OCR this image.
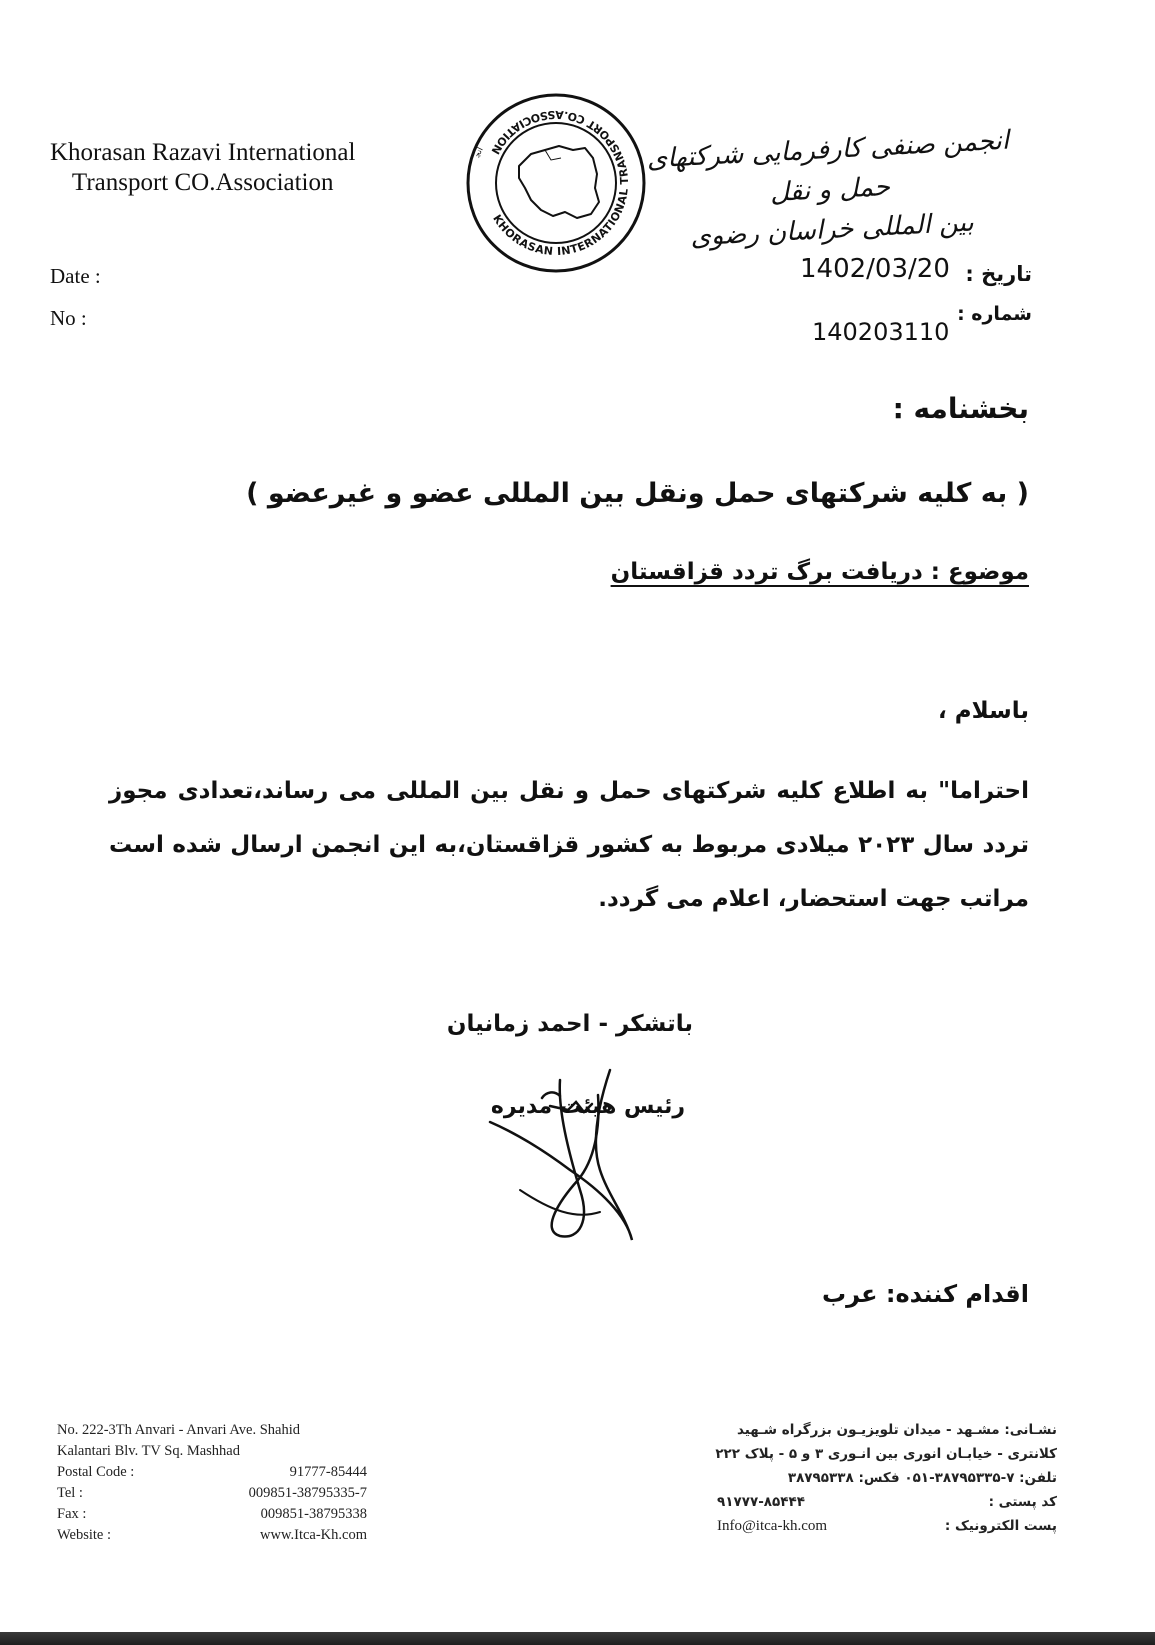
Khorasan Razavi International
Transport CO.Association
KHORASAN INTERNATIONAL TRANSPORT CO.ASSOCIATION
انج	انجمن صنفی کارفرمایی شرکتهای حمل و نقل
بین المللی خراسان رضوی
Date :
No :
تاریخ :
1402/03/20
شماره :
140203110
بخشنامه :
( به کلیه شرکتهای حمل ونقل بین المللی عضو و غیرعضو )
موضوع : دریافت برگ تردد قزاقستان
باسلام ،
احتراما" به اطلاع کلیه شرکتهای حمل و نقل بین المللی می رساند،تعدادی مجوز تردد سال ۲۰۲۳ میلادی مربوط به کشور قزاقستان،به این انجمن ارسال شده است مراتب جهت استحضار، اعلام می گردد.
باتشکر - احمد زمانیان
رئیس هیئت مدیره
اقدام کننده: عرب
No. 222-3Th Anvari - Anvari Ave. Shahid
Kalantari Blv. TV Sq. Mashhad
Postal Code :	91777-85444
Tel :	009851-38795335-7
Fax :	009851-38795338
Website :	www.Itca-Kh.com
نشـانی: مشـهد - میدان تلویزیـون بزرگراه شـهید
کلانتری - خیابـان انوری بین انـوری ۳ و ۵ - پلاک ۲۲۲
تلفن: ۷-۳۸۷۹۵۳۳۵-۰۵۱ فکس: ۳۸۷۹۵۳۳۸
کد پستی :
۹۱۷۷۷-۸۵۴۴۴
پست الکترونیک :
Info@itca-kh.com
